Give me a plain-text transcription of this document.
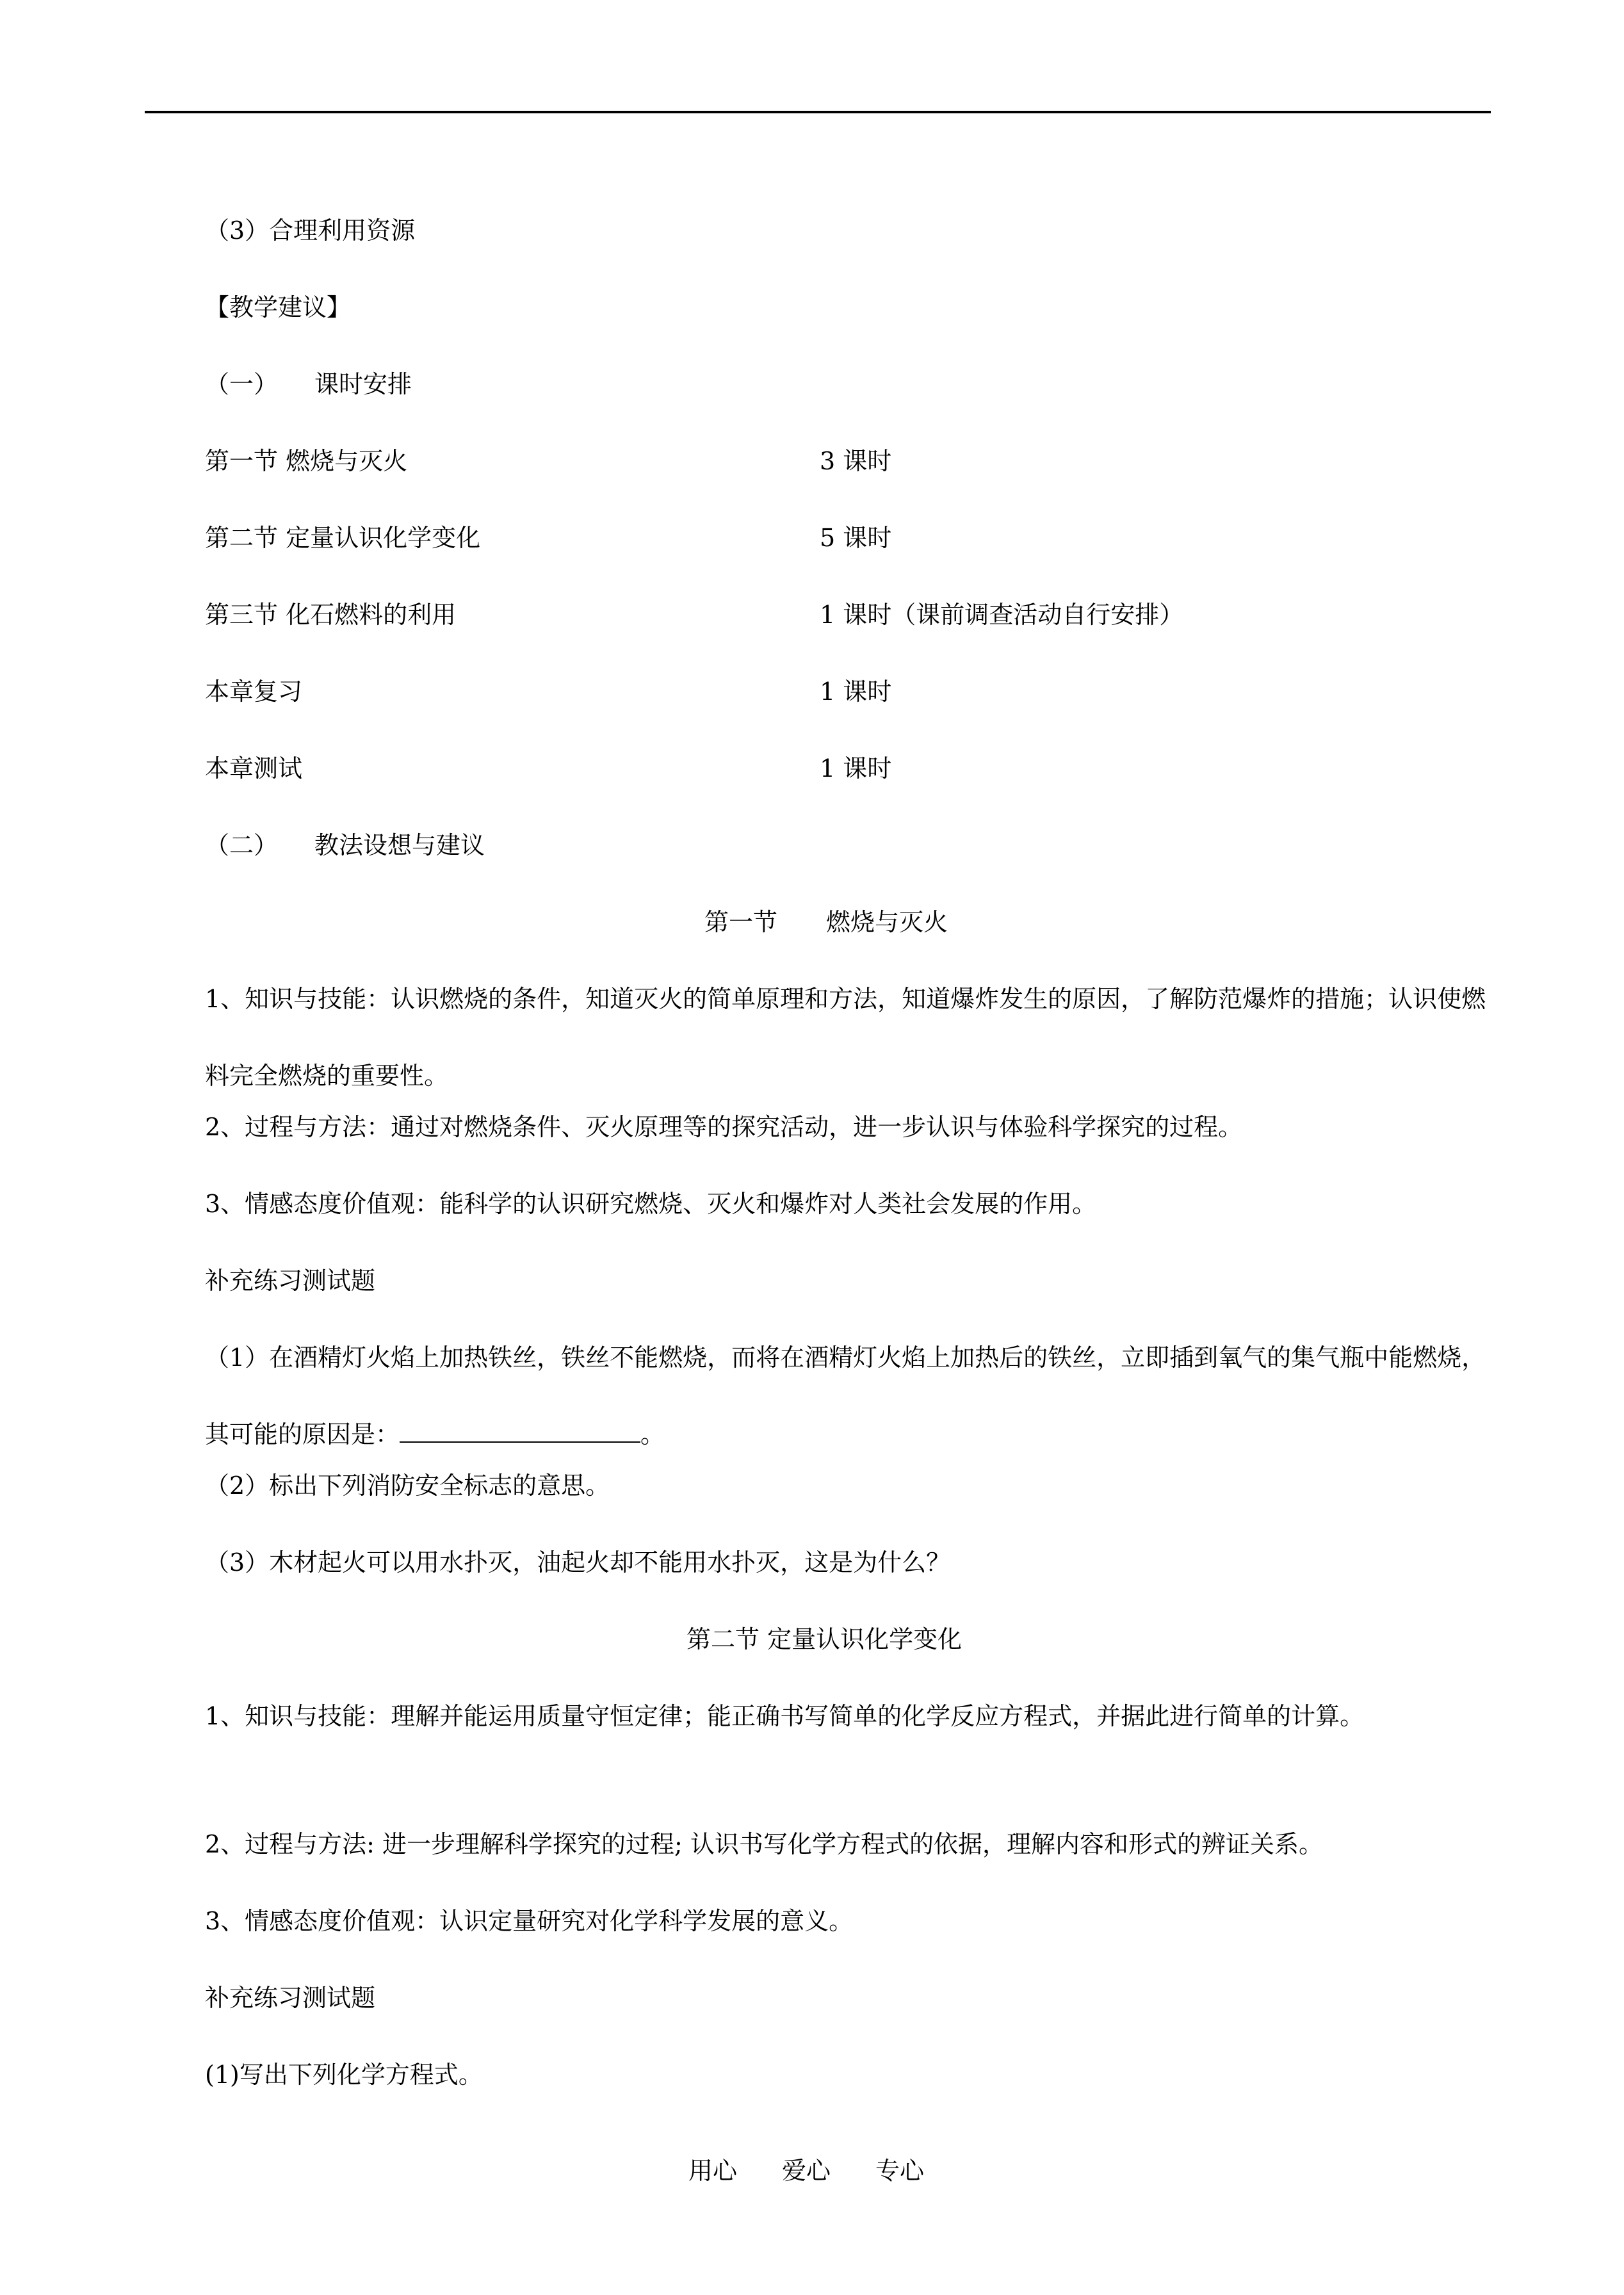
（3）合理利用资源
【教学建议】
（一）　　课时安排
第一节 燃烧与灭火	3 课时
第二节 定量认识化学变化	5 课时
第三节 化石燃料的利用	1 课时（课前调查活动自行安排）
本章复习	1 课时
本章测试	1 课时
（二）　　教法设想与建议
第一节　　燃烧与灭火
1、知识与技能：认识燃烧的条件，知道灭火的简单原理和方法，知道爆炸发生的原因，了解防范爆炸的措施；认识使燃料完全燃烧的重要性。
2、过程与方法：通过对燃烧条件、灭火原理等的探究活动，进一步认识与体验科学探究的过程。
3、情感态度价值观：能科学的认识研究燃烧、灭火和爆炸对人类社会发展的作用。
补充练习测试题
（1）在酒精灯火焰上加热铁丝，铁丝不能燃烧，而将在酒精灯火焰上加热后的铁丝，立即插到氧气的集气瓶中能燃烧，其可能的原因是：	。
（2）标出下列消防安全标志的意思。
（3）木材起火可以用水扑灭，油起火却不能用水扑灭，这是为什么？
第二节 定量认识化学变化
1、知识与技能：理解并能运用质量守恒定律；能正确书写简单的化学反应方程式，并据此进行简单的计算。
2、过程与方法: 进一步理解科学探究的过程; 认识书写化学方程式的依据，理解内容和形式的辨证关系。
3、情感态度价值观：认识定量研究对化学科学发展的意义。
补充练习测试题
(1)写出下列化学方程式。
用心 爱心 专心
